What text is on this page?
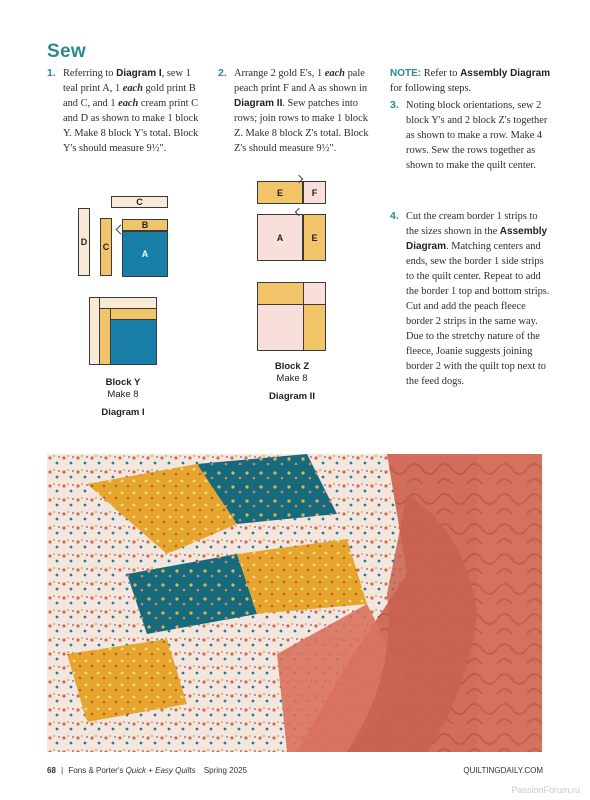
Sew
1. Referring to Diagram I, sew 1 teal print A, 1 each gold print B and C, and 1 each cream print C and D as shown to make 1 block Y. Make 8 block Y's total. Block Y's should measure 9½".

2. Arrange 2 gold E's, 1 each pale peach print F and A as shown in Diagram II. Sew patches into rows; join rows to make 1 block Z. Make 8 block Z's total. Block Z's should measure 9½".

NOTE: Refer to Assembly Diagram for following steps.
3. Noting block orientations, sew 2 block Y's and 2 block Z's together as shown to make a row. Make 4 rows. Sew the rows together as shown to make the quilt center.

4. Cut the cream border 1 strips to the sizes shown in the Assembly Diagram. Matching centers and ends, sew the border 1 side strips to the quilt center. Repeat to add the border 1 top and bottom strips. Cut and add the peach fleece border 2 strips in the same way. Due to the stretchy nature of the fleece, Joanie suggests joining border 2 with the quilt top next to the feed dogs.

C
B
A
D	C
Block Y
Make 8
Diagram I
E	F
A	E
Block Z
Make 8
Diagram II
68 | Fons & Porter's Quick + Easy Quilts Spring 2025	QUILTINGDAILY.COM
PassionForum.ru
